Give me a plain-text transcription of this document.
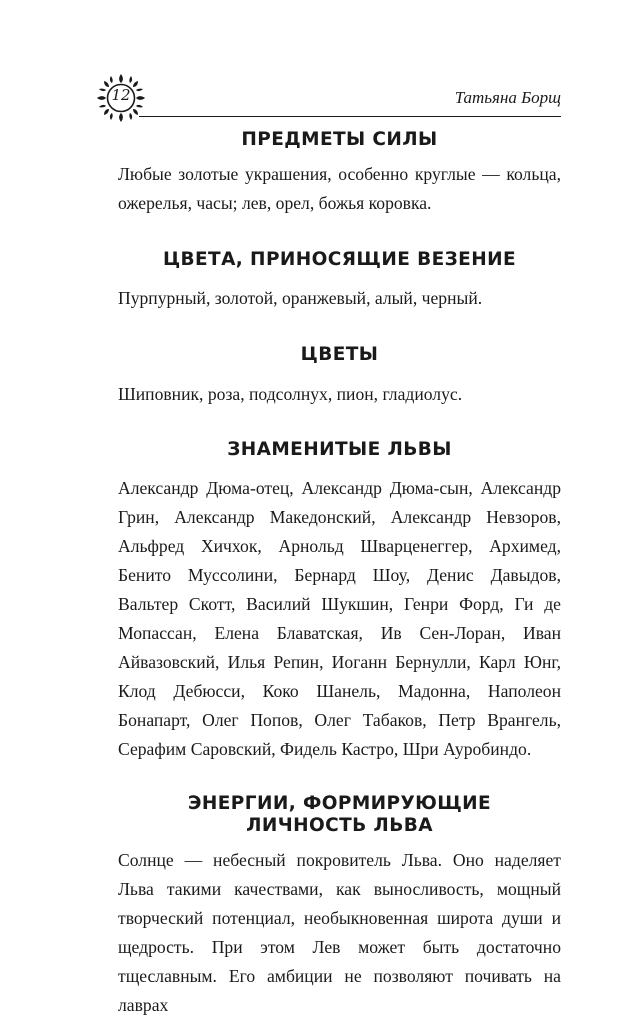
12	Татьяна Борщ
ПРЕДМЕТЫ СИЛЫ

Любые золотые украшения, особенно круглые — кольца, ожерелья, часы; лев, орел, божья коровка.

ЦВЕТА, ПРИНОСЯЩИЕ ВЕЗЕНИЕ

Пурпурный, золотой, оранжевый, алый, черный.

ЦВЕТЫ

Шиповник, роза, подсолнух, пион, гладиолус.

ЗНАМЕНИТЫЕ ЛЬВЫ

Александр Дюма-отец, Александр Дюма-сын, Александр Грин, Александр Македонский, Александр Невзоров, Альфред Хичхок, Арнольд Шварценеггер, Архимед, Бенито Муссолини, Бернард Шоу, Денис Давыдов, Вальтер Скотт, Василий Шукшин, Генри Форд, Ги де Мопассан, Елена Блаватская, Ив Сен-Лоран, Иван Айвазовский, Илья Репин, Иоганн Бернулли, Карл Юнг, Клод Дебюсси, Коко Шанель, Мадонна, Наполеон Бонапарт, Олег Попов, Олег Табаков, Петр Врангель, Серафим Саровский, Фидель Кастро, Шри Ауробиндо.

ЭНЕРГИИ, ФОРМИРУЮЩИЕ
ЛИЧНОСТЬ ЛЬВА

Солнце — небесный покровитель Льва. Оно наделяет Льва такими качествами, как выносливость, мощный творческий потенциал, необыкновенная широта души и щедрость. При этом Лев может быть достаточно тщеславным. Его амбиции не позволяют почивать на лаврах
